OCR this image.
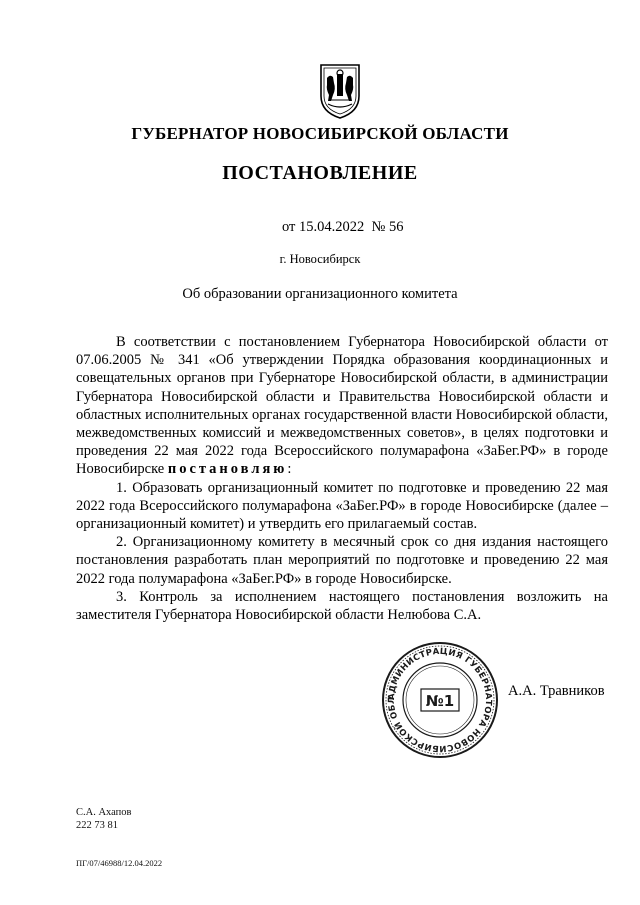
ГУБЕРНАТОР НОВОСИБИРСКОЙ ОБЛАСТИ
ПОСТАНОВЛЕНИЕ
от 15.04.2022  № 56
г. Новосибирск
Об образовании организационного комитета

В соответствии с постановлением Губернатора Новосибирской области от 07.06.2005 № 341 «Об утверждении Порядка образования координационных и совещательных органов при Губернаторе Новосибирской области, в администрации Губернатора Новосибирской области и Правительства Новосибирской области и областных исполнительных органах государственной власти Новосибирской области, межведомственных комиссий и межведомственных советов», в целях подготовки и проведения 22 мая 2022 года Всероссийского полумарафона «ЗаБег.РФ» в городе Новосибирске постановляю:

1. Образовать организационный комитет по подготовке и проведению 22 мая 2022 года Всероссийского полумарафона «ЗаБег.РФ» в городе Новосибирске (далее – организационный комитет) и утвердить его прилагаемый состав.

2. Организационному комитету в месячный срок со дня издания настоящего постановления разработать план мероприятий по подготовке и проведению 22 мая 2022 года полумарафона «ЗаБег.РФ» в городе Новосибирске.

3. Контроль за исполнением настоящего постановления возложить на заместителя Губернатора Новосибирской области Нелюбова С.А.

АДМИНИСТРАЦИЯ ГУБЕРНАТОРА НОВОСИБИРСКОЙ ОБЛ	№1
А.А. Травников
С.А. Ахапов
222 73 81
ПГ/07/46988/12.04.2022
